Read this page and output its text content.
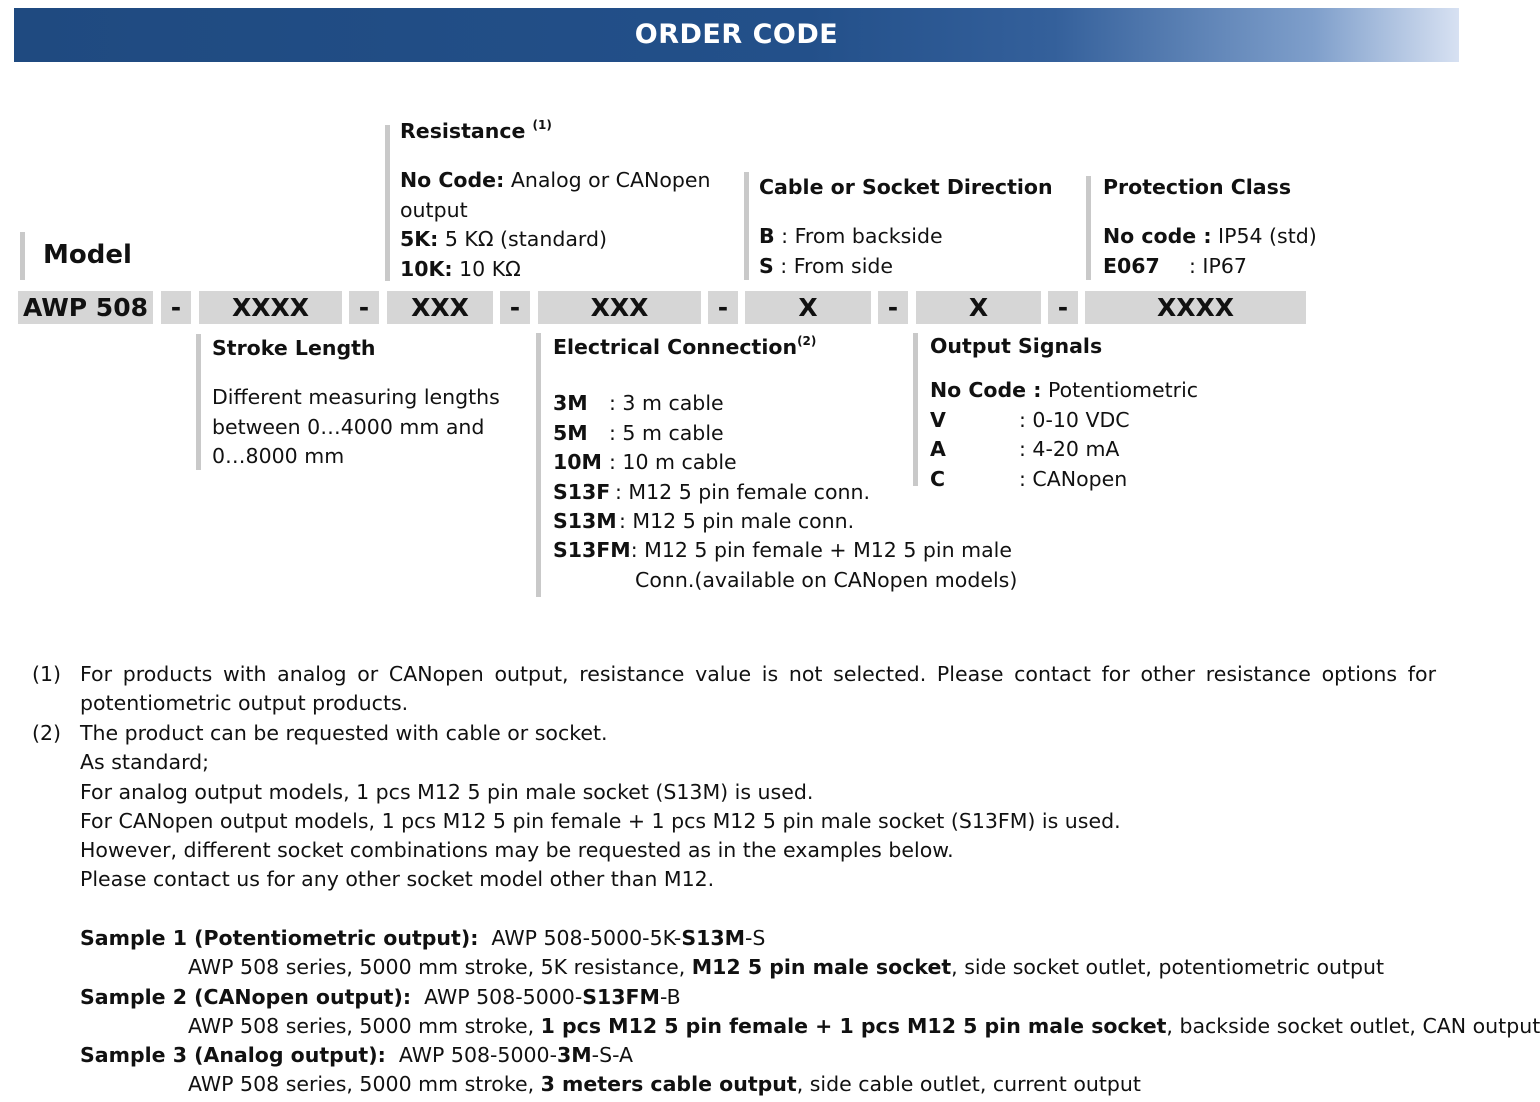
ORDER CODE
Model
Resistance $^{(1)}$
No Code: Analog or CANopen
output
5K: 5 KΩ (standard)
10K: 10 KΩ
Cable or Socket Direction
B : From backside
S : From side
Protection Class
No code : IP54 (std)
E067 : IP67
AWP 508 -	XXXX	-	XXX	-	XXX	-	X	-	X	-	XXXX
Stroke Length
Different measuring lengths
between 0…4000 mm and
0…8000 mm
Electrical Connection$^{(2)}$
3M : 3 m cable
5M : 5 m cable
10M : 10 m cable
S13F : M12 5 pin female conn.
S13M : M12 5 pin male conn.
S13FM: M12 5 pin female + M12 5 pin male
Conn.(available on CANopen models)
Output Signals
No Code : Potentiometric
V	: 0-10 VDC
A	: 4-20 mA
C	: CANopen
(1) For products with analog or CANopen output, resistance value is not selected. Please contact for other resistance options for potentiometric output products.
(2) The product can be requested with cable or socket.
As standard;
For analog output models, 1 pcs M12 5 pin male socket (S13M) is used.
For CANopen output models, 1 pcs M12 5 pin female + 1 pcs M12 5 pin male socket (S13FM) is used.
However, different socket combinations may be requested as in the examples below.
Please contact us for any other socket model other than M12.
Sample 1 (Potentiometric output):  AWP 508-5000-5K-S13M-S
AWP 508 series, 5000 mm stroke, 5K resistance, M12 5 pin male socket, side socket outlet, potentiometric output
Sample 2 (CANopen output):  AWP 508-5000-S13FM-B
AWP 508 series, 5000 mm stroke, 1 pcs M12 5 pin female + 1 pcs M12 5 pin male socket, backside socket outlet, CAN output
Sample 3 (Analog output):  AWP 508-5000-3M-S-A
AWP 508 series, 5000 mm stroke, 3 meters cable output, side cable outlet, current output
